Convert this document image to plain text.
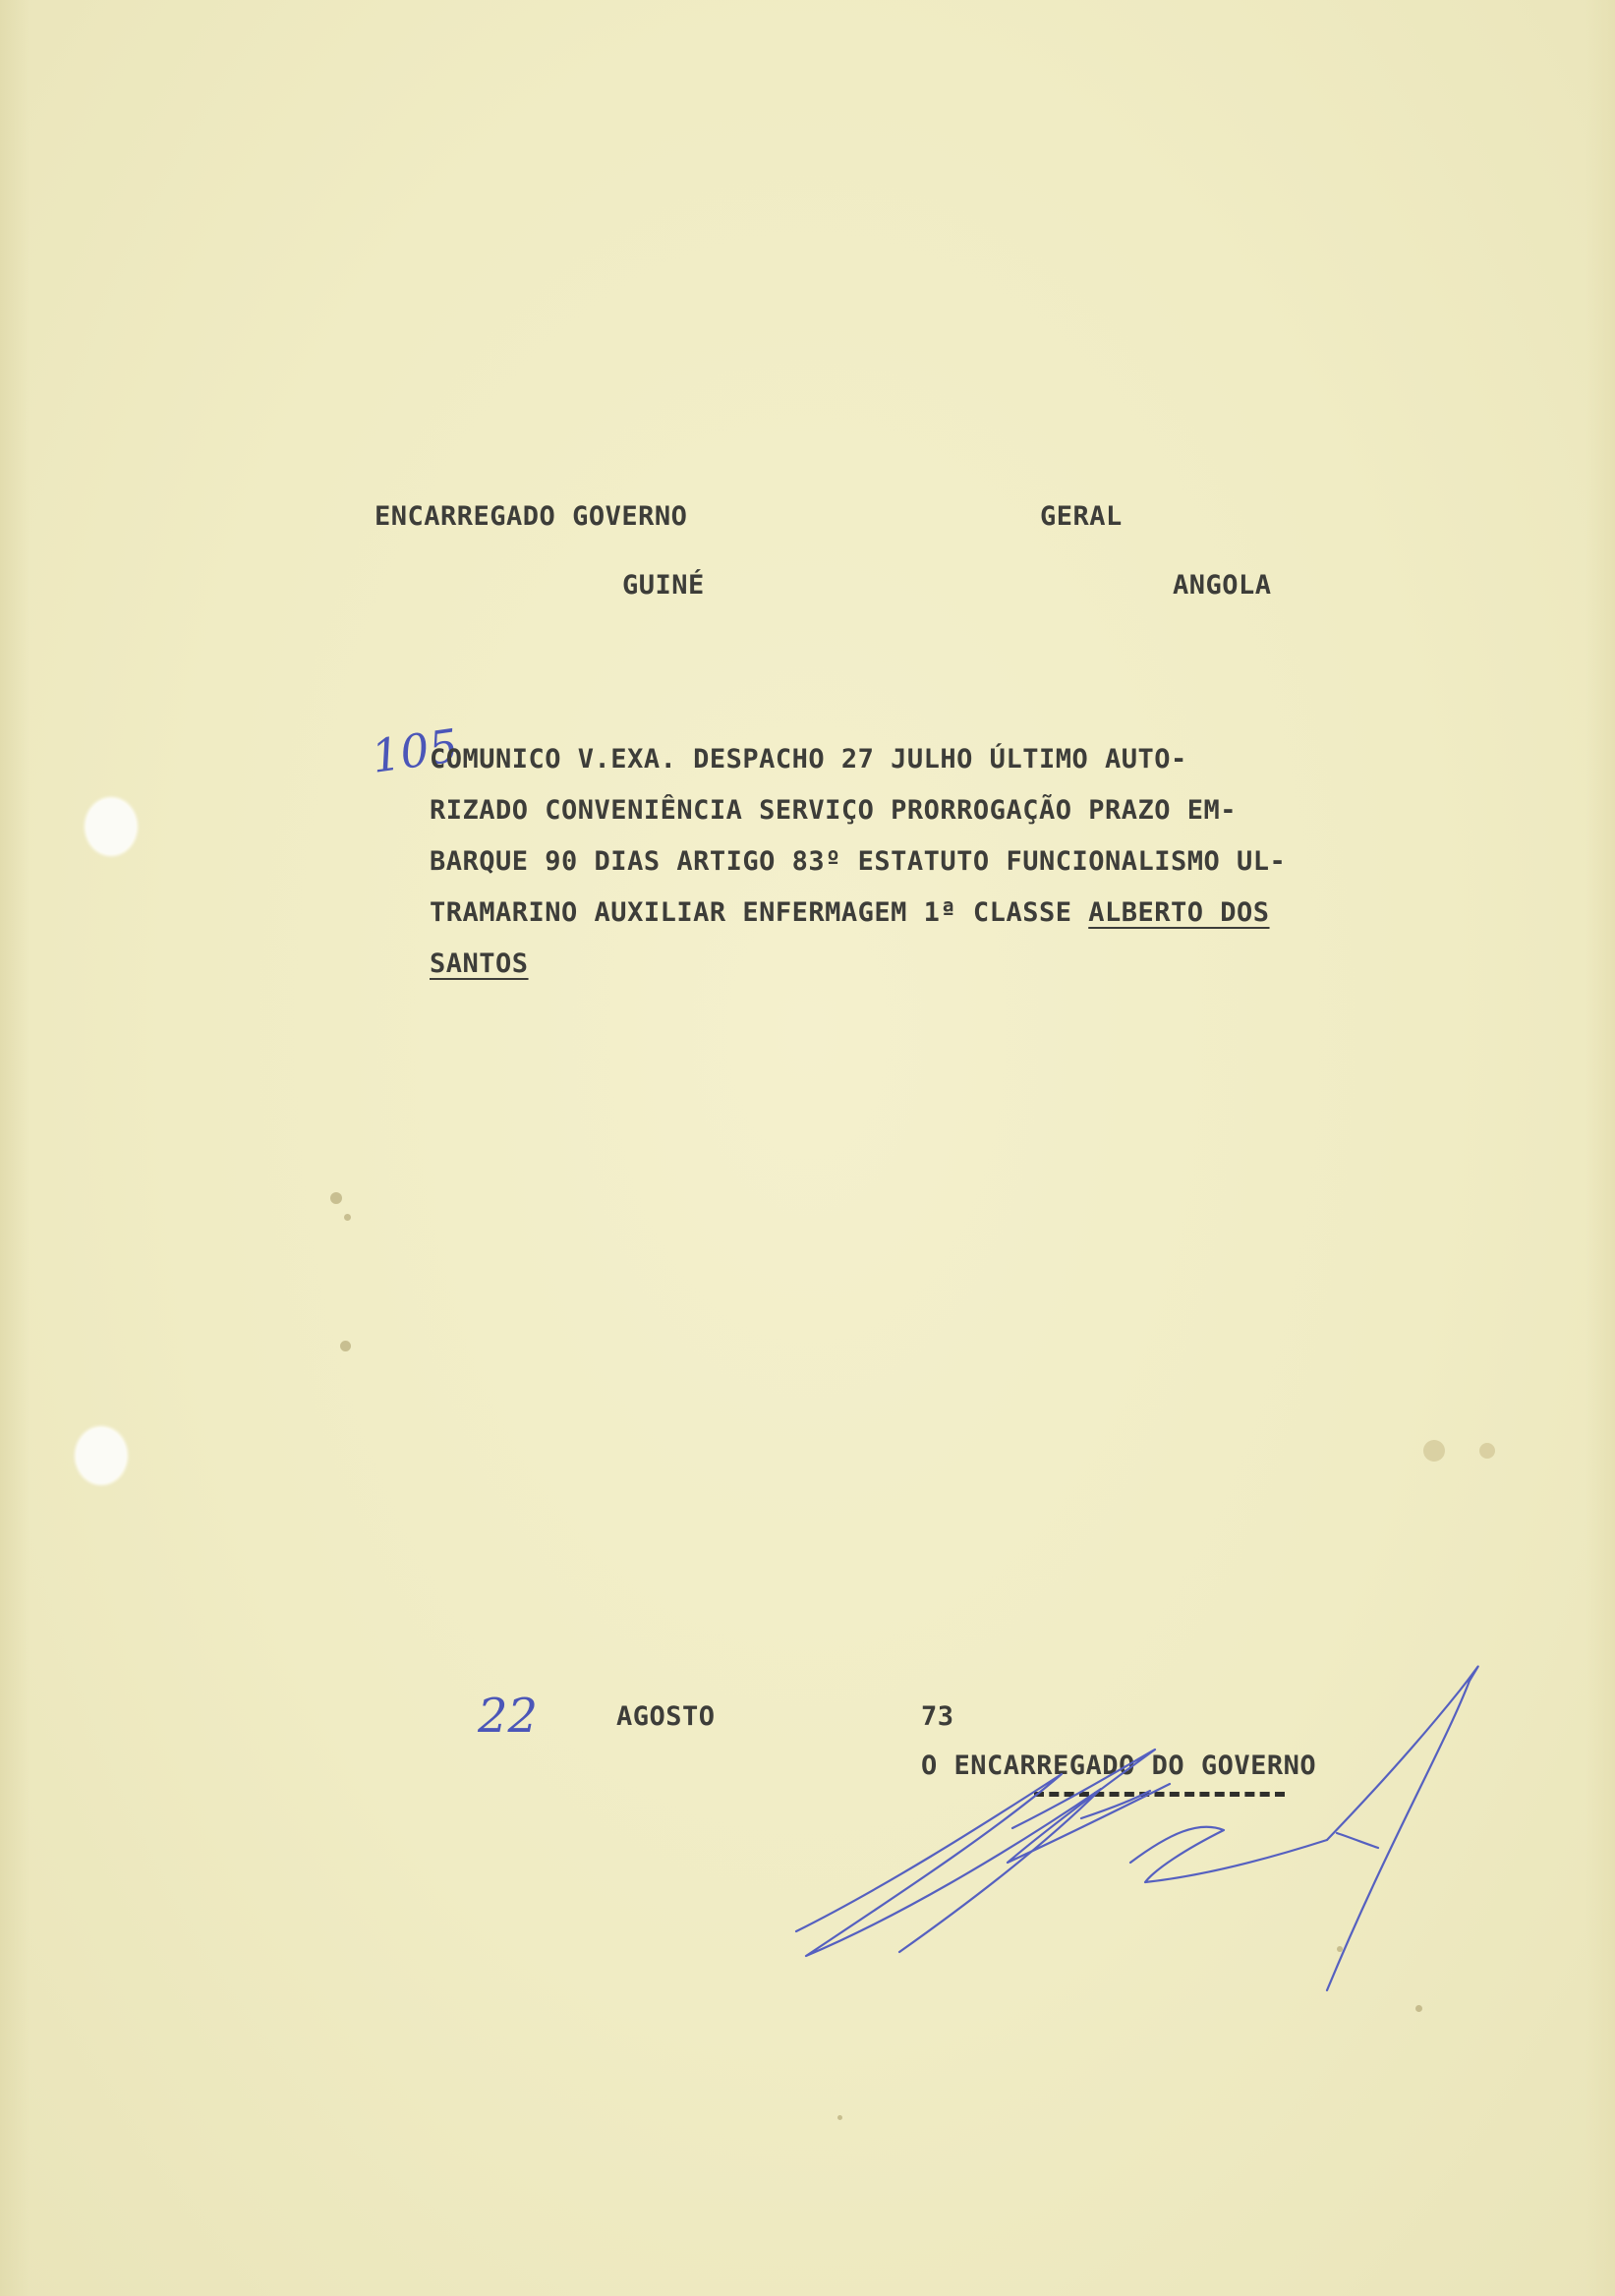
ENCARREGADO GOVERNO	GERAL
GUINÉ	ANGOLA
105
COMUNICO V.EXA. DESPACHO 27 JULHO ÚLTIMO AUTO-
RIZADO CONVENIÊNCIA SERVIÇO PRORROGAÇÃO PRAZO EM-
BARQUE 90 DIAS ARTIGO 83º ESTATUTO FUNCIONALISMO UL-
TRAMARINO AUXILIAR ENFERMAGEM 1ª CLASSE ALBERTO DOS
SANTOS
22	AGOSTO	73
O ENCARREGADO DO GOVERNO
